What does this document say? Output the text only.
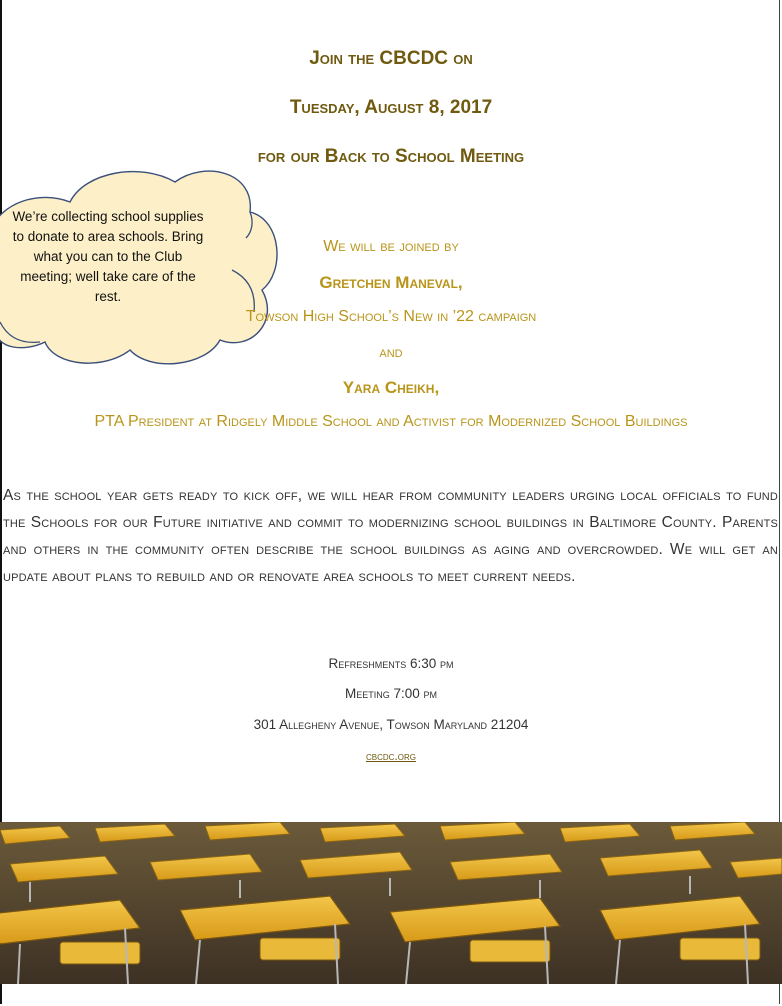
Join the CBCDC on
Tuesday, August 8, 2017
for our Back to School Meeting
We’re collecting school supplies to donate to area schools. Bring what you can to the Club meeting; well take care of the rest.
We will be joined by
Gretchen Maneval,
Towson High School’s New in ’22 campaign
and
Yara Cheikh,
PTA President at Ridgely Middle School and Activist for Modernized School Buildings
As the school year gets ready to kick off, we will hear from community leaders urging local officials to fund the Schools for our Future initiative and commit to modernizing school buildings in Baltimore County. Parents and others in the community often describe the school buildings as aging and overcrowded. We will get an update about plans to rebuild and or renovate area schools to meet current needs.
Refreshments 6:30 pm
Meeting 7:00 pm
301 Allegheny Avenue, Towson Maryland 21204
cbcdc.org
